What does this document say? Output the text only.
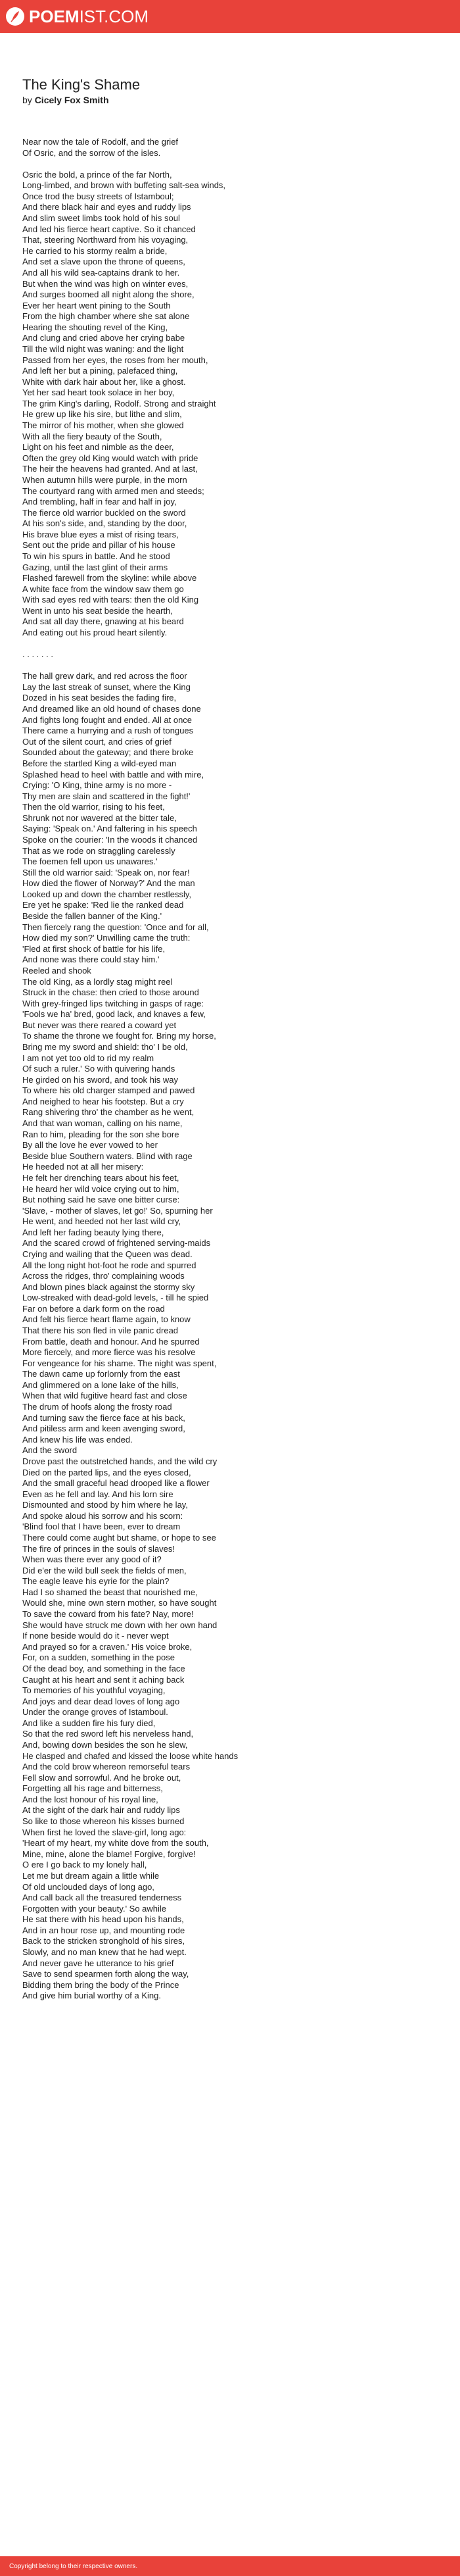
POEMIST.COM
The King's Shame
by Cicely Fox Smith
Near now the tale of Rodolf, and the grief
Of Osric, and the sorrow of the isles.
Osric the bold, a prince of the far North,
Long-limbed, and brown with buffeting salt-sea winds,
Once trod the busy streets of Istamboul;
And there black hair and eyes and ruddy lips
And slim sweet limbs took hold of his soul
And led his fierce heart captive. So it chanced
That, steering Northward from his voyaging,
He carried to his stormy realm a bride,
And set a slave upon the throne of queens,
And all his wild sea-captains drank to her.
But when the wind was high on winter eves,
And surges boomed all night along the shore,
Ever her heart went pining to the South
From the high chamber where she sat alone
Hearing the shouting revel of the King,
And clung and cried above her crying babe
Till the wild night was waning: and the light
Passed from her eyes, the roses from her mouth,
And left her but a pining, palefaced thing,
White with dark hair about her, like a ghost.
Yet her sad heart took solace in her boy,
The grim King's darling, Rodolf. Strong and straight
He grew up like his sire, but lithe and slim,
The mirror of his mother, when she glowed
With all the fiery beauty of the South,
Light on his feet and nimble as the deer,
Often the grey old King would watch with pride
The heir the heavens had granted. And at last,
When autumn hills were purple, in the morn
The courtyard rang with armed men and steeds;
And trembling, half in fear and half in joy,
The fierce old warrior buckled on the sword
At his son's side, and, standing by the door,
His brave blue eyes a mist of rising tears,
Sent out the pride and pillar of his house
To win his spurs in battle. And he stood
Gazing, until the last glint of their arms
Flashed farewell from the skyline: while above
A white face from the window saw them go
With sad eyes red with tears: then the old King
Went in unto his seat beside the hearth,
And sat all day there, gnawing at his beard
And eating out his proud heart silently.
. . . . . . .
The hall grew dark, and red across the floor
Lay the last streak of sunset, where the King
Dozed in his seat besides the fading fire,
And dreamed like an old hound of chases done
And fights long fought and ended. All at once
There came a hurrying and a rush of tongues
Out of the silent court, and cries of grief
Sounded about the gateway; and there broke
Before the startled King a wild-eyed man
Splashed head to heel with battle and with mire,
Crying: 'O King, thine army is no more -
Thy men are slain and scattered in the fight!'
Then the old warrior, rising to his feet,
Shrunk not nor wavered at the bitter tale,
Saying: 'Speak on.' And faltering in his speech
Spoke on the courier: 'In the woods it chanced
That as we rode on straggling carelessly
The foemen fell upon us unawares.'
Still the old warrior said: 'Speak on, nor fear!
How died the flower of Norway?' And the man
Looked up and down the chamber restlessly,
Ere yet he spake: 'Red lie the ranked dead
Beside the fallen banner of the King.'
Then fiercely rang the question: 'Once and for all,
How died my son?' Unwilling came the truth:
'Fled at first shock of battle for his life,
And none was there could stay him.'
Reeled and shook
The old King, as a lordly stag might reel
Struck in the chase: then cried to those around
With grey-fringed lips twitching in gasps of rage:
'Fools we ha' bred, good lack, and knaves a few,
But never was there reared a coward yet
To shame the throne we fought for. Bring my horse,
Bring me my sword and shield: tho' I be old,
I am not yet too old to rid my realm
Of such a ruler.' So with quivering hands
He girded on his sword, and took his way
To where his old charger stamped and pawed
And neighed to hear his footstep. But a cry
Rang shivering thro' the chamber as he went,
And that wan woman, calling on his name,
Ran to him, pleading for the son she bore
By all the love he ever vowed to her
Beside blue Southern waters. Blind with rage
He heeded not at all her misery:
He felt her drenching tears about his feet,
He heard her wild voice crying out to him,
But nothing said he save one bitter curse:
'Slave, - mother of slaves, let go!' So, spurning her
He went, and heeded not her last wild cry,
And left her fading beauty lying there,
And the scared crowd of frightened serving-maids
Crying and wailing that the Queen was dead.
All the long night hot-foot he rode and spurred
Across the ridges, thro' complaining woods
And blown pines black against the stormy sky
Low-streaked with dead-gold levels, - till he spied
Far on before a dark form on the road
And felt his fierce heart flame again, to know
That there his son fled in vile panic dread
From battle, death and honour. And he spurred
More fiercely, and more fierce was his resolve
For vengeance for his shame. The night was spent,
The dawn came up forlornly from the east
And glimmered on a lone lake of the hills,
When that wild fugitive heard fast and close
The drum of hoofs along the frosty road
And turning saw the fierce face at his back,
And pitiless arm and keen avenging sword,
And knew his life was ended.
And the sword
Drove past the outstretched hands, and the wild cry
Died on the parted lips, and the eyes closed,
And the small graceful head drooped like a flower
Even as he fell and lay. And his lorn sire
Dismounted and stood by him where he lay,
And spoke aloud his sorrow and his scorn:
'Blind fool that I have been, ever to dream
There could come aught but shame, or hope to see
The fire of princes in the souls of slaves!
When was there ever any good of it?
Did e'er the wild bull seek the fields of men,
The eagle leave his eyrie for the plain?
Had I so shamed the beast that nourished me,
Would she, mine own stern mother, so have sought
To save the coward from his fate? Nay, more!
She would have struck me down with her own hand
If none beside would do it - never wept
And prayed so for a craven.' His voice broke,
For, on a sudden, something in the pose
Of the dead boy, and something in the face
Caught at his heart and sent it aching back
To memories of his youthful voyaging,
And joys and dear dead loves of long ago
Under the orange groves of Istamboul.
And like a sudden fire his fury died,
So that the red sword left his nerveless hand,
And, bowing down besides the son he slew,
He clasped and chafed and kissed the loose white hands
And the cold brow whereon remorseful tears
Fell slow and sorrowful. And he broke out,
Forgetting all his rage and bitterness,
And the lost honour of his royal line,
At the sight of the dark hair and ruddy lips
So like to those whereon his kisses burned
When first he loved the slave-girl, long ago:
'Heart of my heart, my white dove from the south,
Mine, mine, alone the blame! Forgive, forgive!
O ere I go back to my lonely hall,
Let me but dream again a little while
Of old unclouded days of long ago,
And call back all the treasured tenderness
Forgotten with your beauty.' So awhile
He sat there with his head upon his hands,
And in an hour rose up, and mounting rode
Back to the stricken stronghold of his sires,
Slowly, and no man knew that he had wept.
And never gave he utterance to his grief
Save to send spearmen forth along the way,
Bidding them bring the body of the Prince
And give him burial worthy of a King.
Copyright belong to their respective owners.
